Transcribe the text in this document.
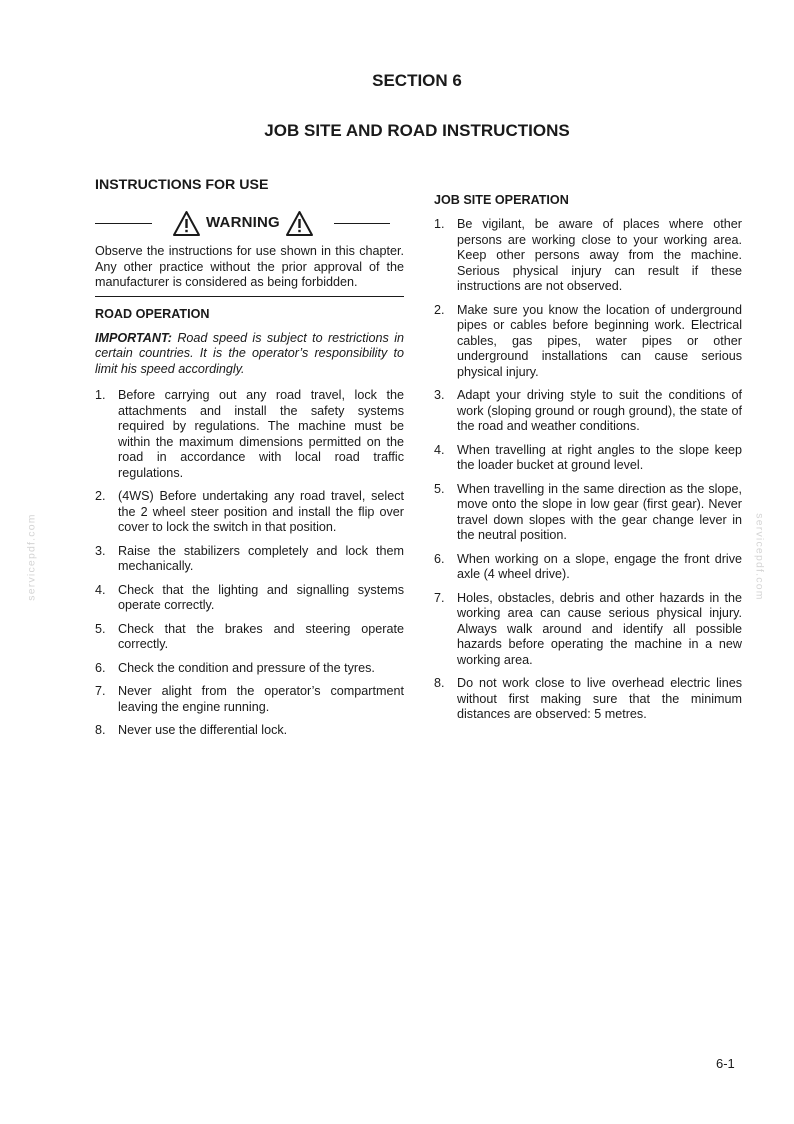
SECTION 6
JOB SITE AND ROAD INSTRUCTIONS
servicepdf.com	servicepdf.com
INSTRUCTIONS FOR USE
WARNING

Observe the instructions for use shown in this chapter. Any other practice without the prior approval of the manufacturer is considered as being forbidden.

ROAD OPERATION

IMPORTANT: Road speed is subject to restrictions in certain countries. It is the operator’s responsibility to limit his speed accordingly.

1. Before carrying out any road travel, lock the attachments and install the safety systems required by regulations. The machine must be within the maximum dimensions permitted on the road in accordance with local road traffic regulations.
2. (4WS) Before undertaking any road travel, select the 2 wheel steer position and install the flip over cover to lock the switch in that position.
3. Raise the stabilizers completely and lock them mechanically.
4. Check that the lighting and signalling systems operate correctly.
5. Check that the brakes and steering operate correctly.
6. Check the condition and pressure of the tyres.
7. Never alight from the operator’s compartment leaving the engine running.
8. Never use the differential lock.
JOB SITE OPERATION
1. Be vigilant, be aware of places where other persons are working close to your working area. Keep other persons away from the machine. Serious physical injury can result if these instructions are not observed.
2. Make sure you know the location of underground pipes or cables before beginning work. Electrical cables, gas pipes, water pipes or other underground installations can cause serious physical injury.
3. Adapt your driving style to suit the conditions of work (sloping ground or rough ground), the state of the road and weather conditions.
4. When travelling at right angles to the slope keep the loader bucket at ground level.
5. When travelling in the same direction as the slope, move onto the slope in low gear (first gear). Never travel down slopes with the gear change lever in the neutral position.
6. When working on a slope, engage the front drive axle (4 wheel drive).
7. Holes, obstacles, debris and other hazards in the working area can cause serious physical injury. Always walk around and identify all possible hazards before operating the machine in a new working area.
8. Do not work close to live overhead electric lines without first making sure that the minimum distances are observed: 5 metres.
6-1
